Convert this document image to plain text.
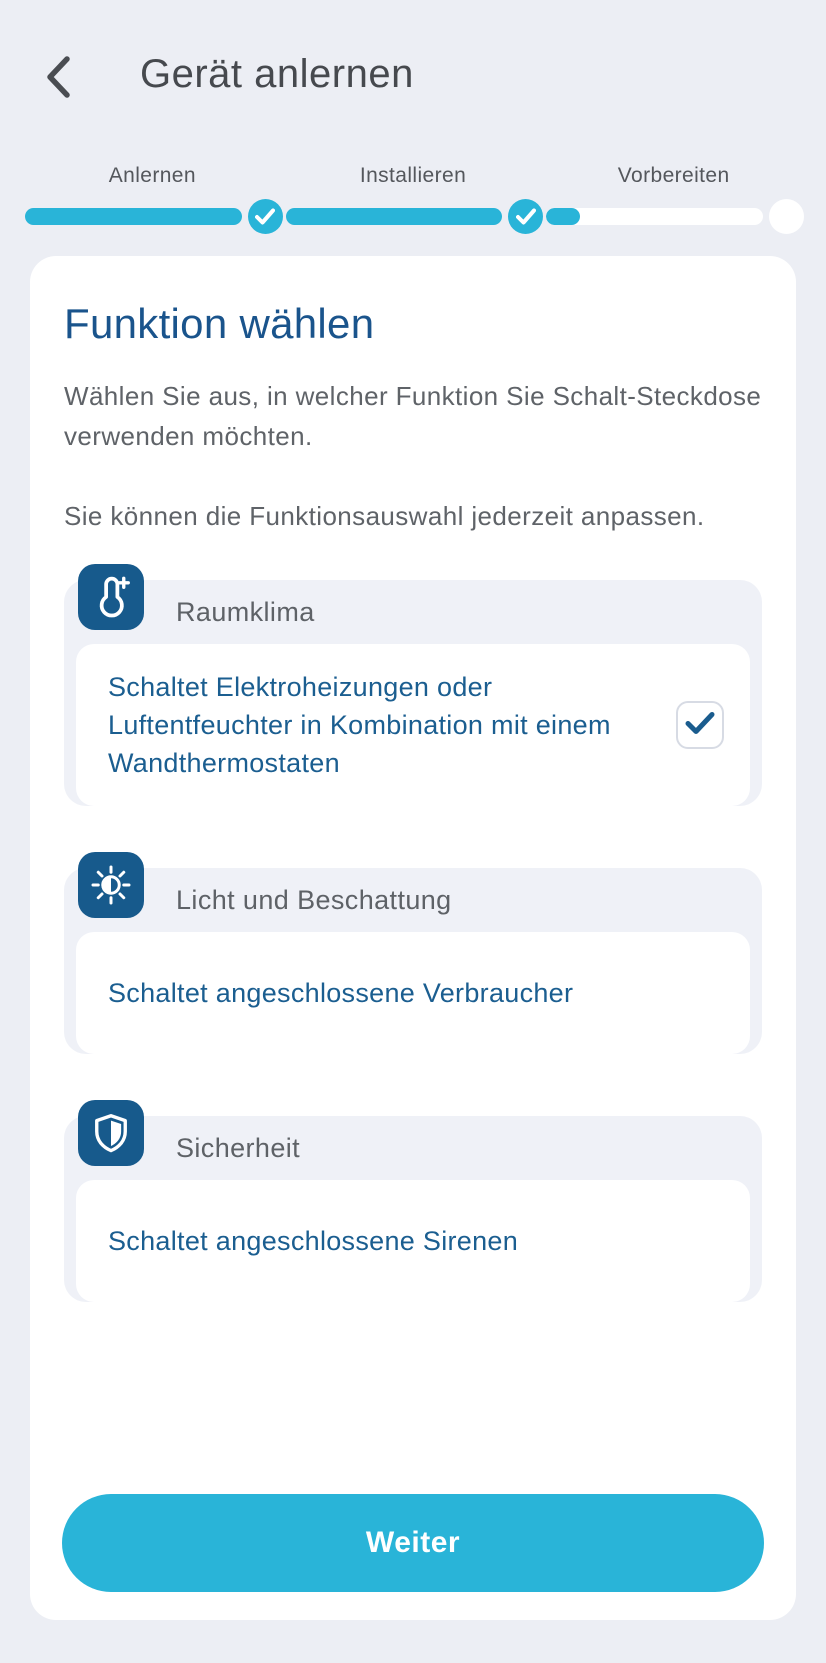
Gerät anlernen
Anlernen	Installieren	Vorbereiten
Funktion wählen

Wählen Sie aus, in welcher Funktion Sie Schalt-Steckdose verwenden möchten.

Sie können die Funktionsauswahl jederzeit anpassen.

Raumklima
Schaltet Elektroheizungen oder Luftentfeuchter in Kombination mit einem Wandthermostaten
Licht und Beschattung
Schaltet angeschlossene Verbraucher
Sicherheit
Schaltet angeschlossene Sirenen
Weiter
